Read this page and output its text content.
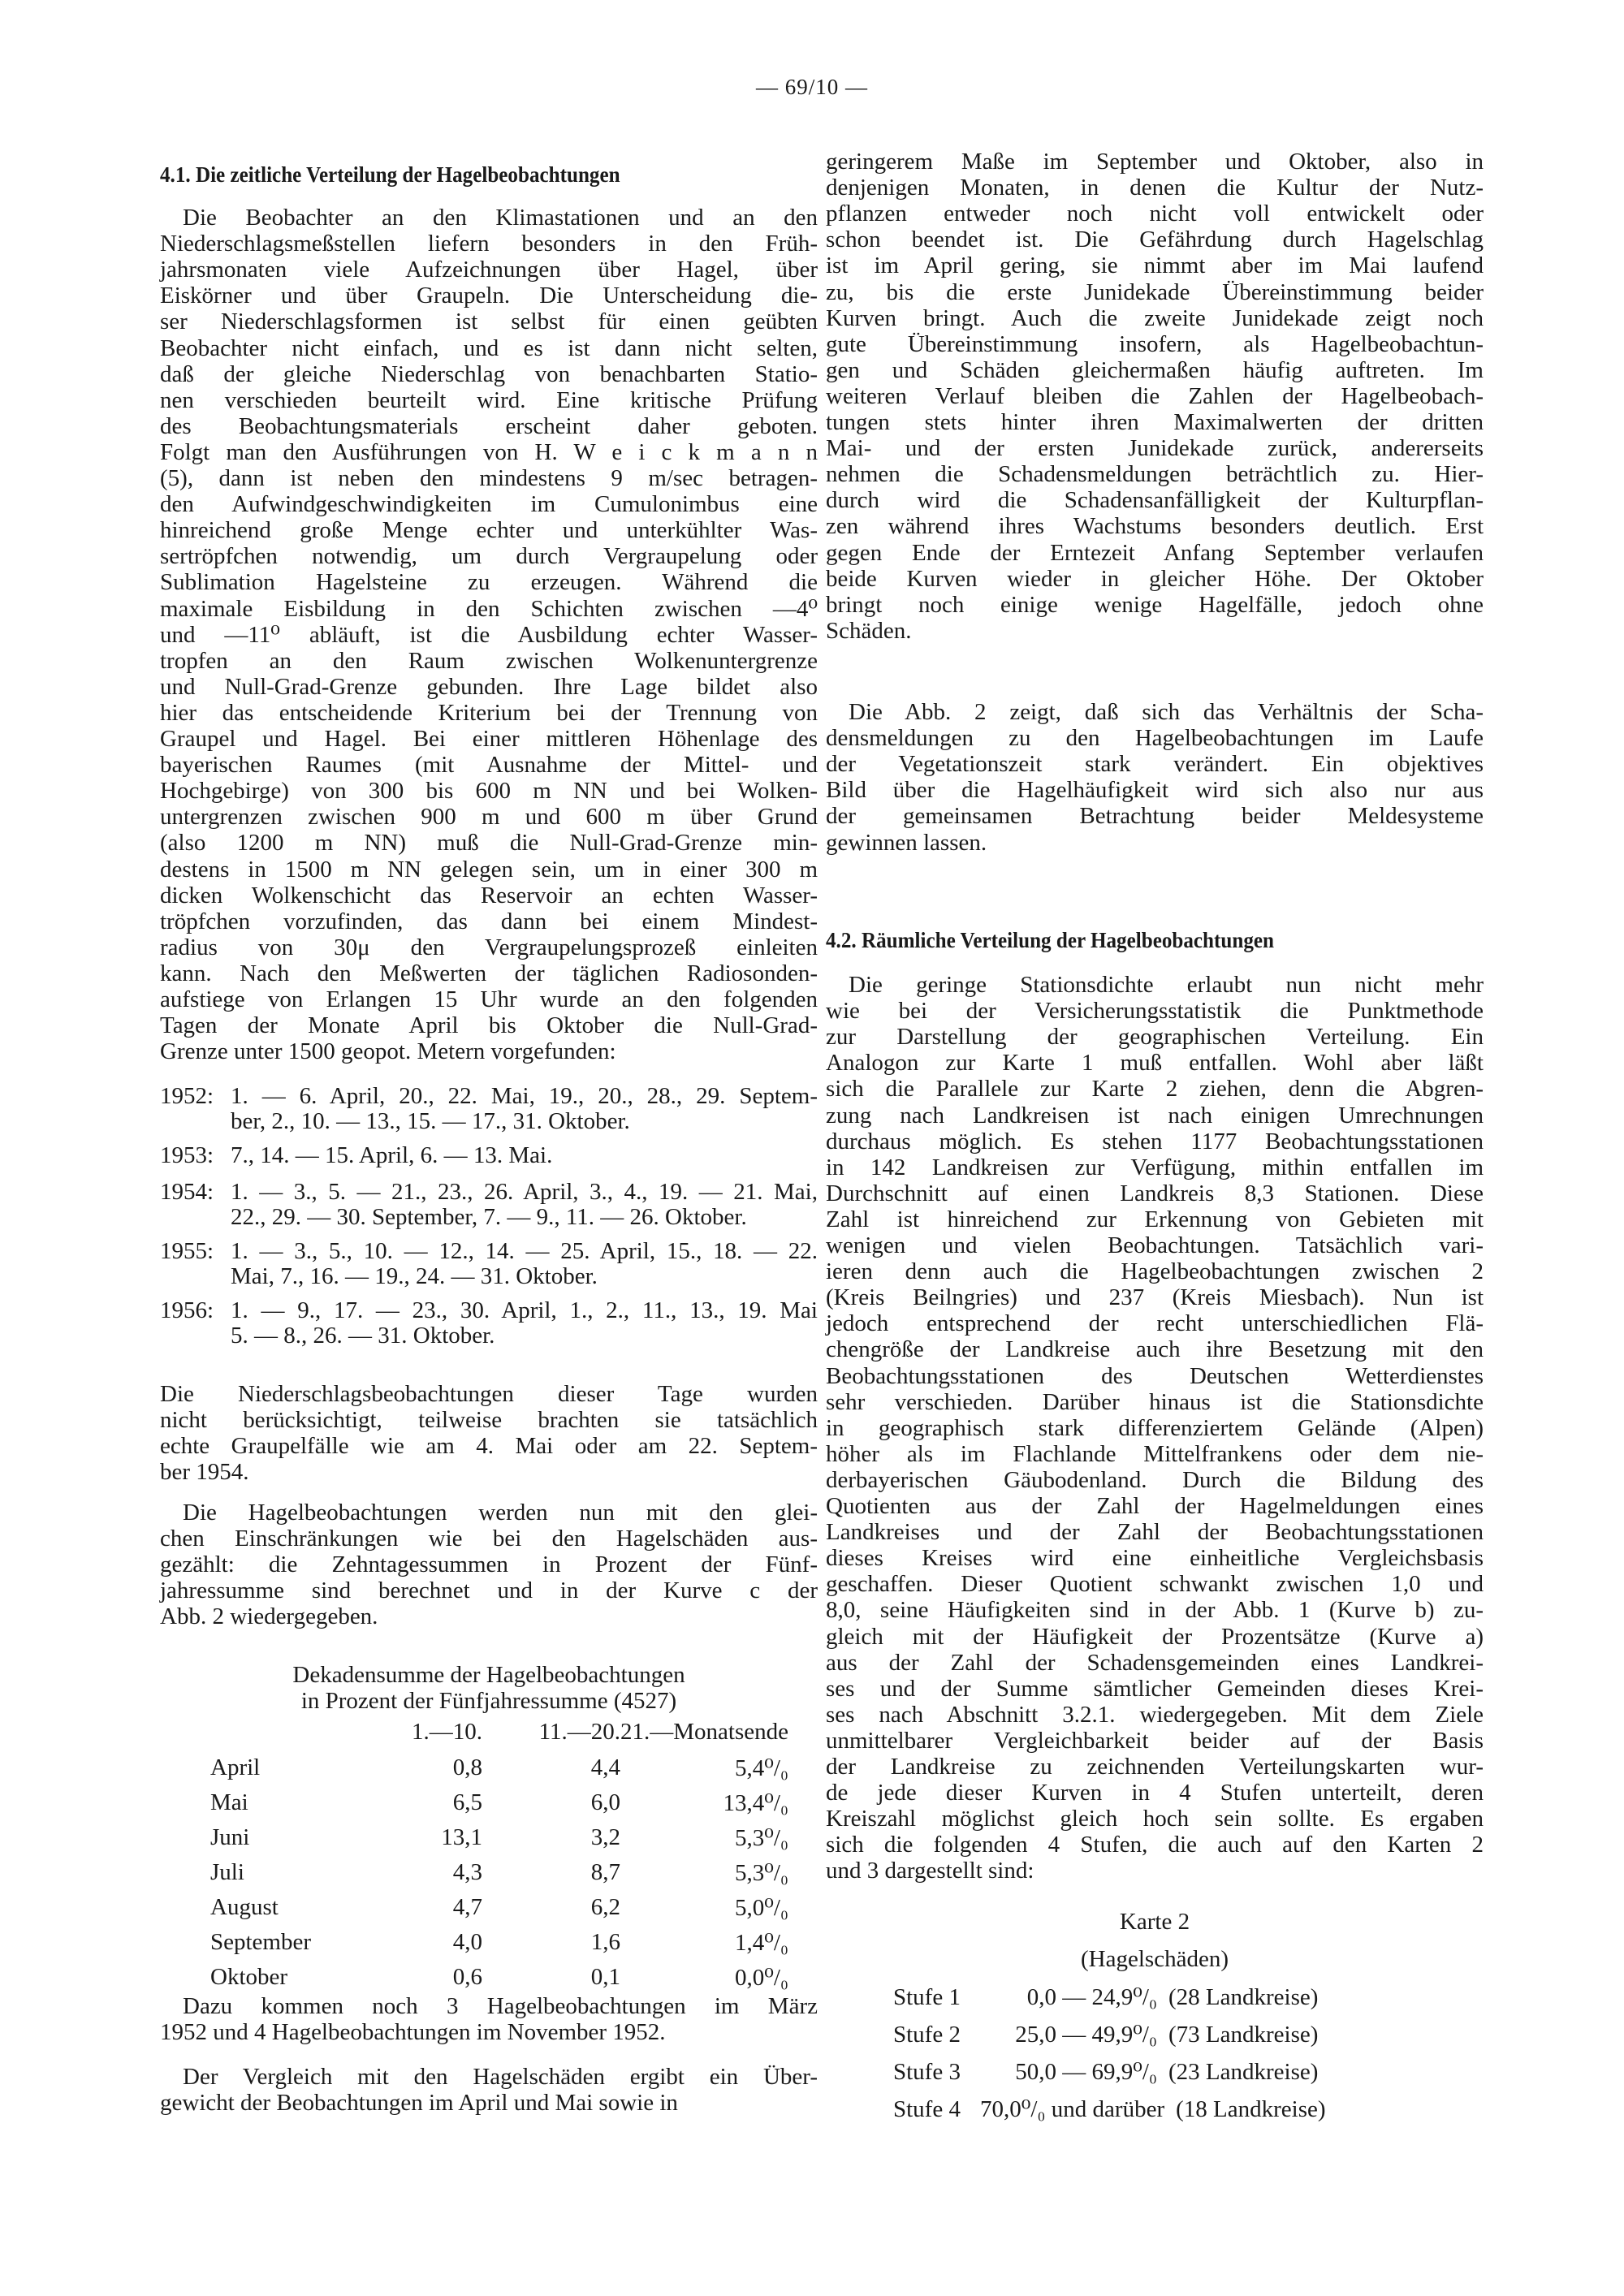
— 69/10 —
4.1. Die zeitliche Verteilung der Hagelbeobachtungen
Die Beobachter an den Klimastationen und an den
Niederschlagsmeßstellen liefern besonders in den Früh-
jahrsmonaten viele Aufzeichnungen über Hagel, über
Eiskörner und über Graupeln. Die Unterscheidung die-
ser Niederschlagsformen ist selbst für einen geübten
Beobachter nicht einfach, und es ist dann nicht selten,
daß der gleiche Niederschlag von benachbarten Statio-
nen verschieden beurteilt wird. Eine kritische Prüfung
des Beobachtungsmaterials erscheint daher geboten.
Folgt man den Ausführungen von H. W e i c k m a n n
(5), dann ist neben den mindestens 9 m/sec betragen-
den Aufwindgeschwindigkeiten im Cumulonimbus eine
hinreichend große Menge echter und unterkühlter Was-
sertröpfchen notwendig, um durch Vergraupelung oder
Sublimation Hagelsteine zu erzeugen. Während die
maximale Eisbildung in den Schichten zwischen —4⁰
und —11⁰ abläuft, ist die Ausbildung echter Wasser-
tropfen an den Raum zwischen Wolkenuntergrenze
und Null-Grad-Grenze gebunden. Ihre Lage bildet also
hier das entscheidende Kriterium bei der Trennung von
Graupel und Hagel. Bei einer mittleren Höhenlage des
bayerischen Raumes (mit Ausnahme der Mittel- und
Hochgebirge) von 300 bis 600 m NN und bei Wolken-
untergrenzen zwischen 900 m und 600 m über Grund
(also 1200 m NN) muß die Null-Grad-Grenze min-
destens in 1500 m NN gelegen sein, um in einer 300 m
dicken Wolkenschicht das Reservoir an echten Wasser-
tröpfchen vorzufinden, das dann bei einem Mindest-
radius von 30μ den Vergraupelungsprozeß einleiten
kann. Nach den Meßwerten der täglichen Radiosonden-
aufstiege von Erlangen 15 Uhr wurde an den folgenden
Tagen der Monate April bis Oktober die Null-Grad-
Grenze unter 1500 geopot. Metern vorgefunden:
1952: 1. — 6. April, 20., 22. Mai, 19., 20., 28., 29. Septem-
ber, 2., 10. — 13., 15. — 17., 31. Oktober.
1953: 7., 14. — 15. April, 6. — 13. Mai.
1954: 1. — 3., 5. — 21., 23., 26. April, 3., 4., 19. — 21. Mai,
22., 29. — 30. September, 7. — 9., 11. — 26. Oktober.
1955: 1. — 3., 5., 10. — 12., 14. — 25. April, 15., 18. — 22.
Mai, 7., 16. — 19., 24. — 31. Oktober.
1956: 1. — 9., 17. — 23., 30. April, 1., 2., 11., 13., 19. Mai
5. — 8., 26. — 31. Oktober.
Die Niederschlagsbeobachtungen dieser Tage wurden
nicht berücksichtigt, teilweise brachten sie tatsächlich
echte Graupelfälle wie am 4. Mai oder am 22. Septem-
ber 1954.
Die Hagelbeobachtungen werden nun mit den glei-
chen Einschränkungen wie bei den Hagelschäden aus-
gezählt: die Zehntagessummen in Prozent der Fünf-
jahressumme sind berechnet und in der Kurve c der
Abb. 2 wiedergegeben.
Dekadensumme der Hagelbeobachtungen
in Prozent der Fünfjahressumme (4527)
	1.—10.	11.—20.	21.—Monatsende
April	0,8	4,4	5,4⁰/₀
Mai	6,5	6,0	13,4⁰/₀
Juni	13,1	3,2	5,3⁰/₀
Juli	4,3	8,7	5,3⁰/₀
August	4,7	6,2	5,0⁰/₀
September	4,0	1,6	1,4⁰/₀
Oktober	0,6	0,1	0,0⁰/₀
Dazu kommen noch 3 Hagelbeobachtungen im März
1952 und 4 Hagelbeobachtungen im November 1952.
Der Vergleich mit den Hagelschäden ergibt ein Über-
gewicht der Beobachtungen im April und Mai sowie in
geringerem Maße im September und Oktober, also in
denjenigen Monaten, in denen die Kultur der Nutz-
pflanzen entweder noch nicht voll entwickelt oder
schon beendet ist. Die Gefährdung durch Hagelschlag
ist im April gering, sie nimmt aber im Mai laufend
zu, bis die erste Junidekade Übereinstimmung beider
Kurven bringt. Auch die zweite Junidekade zeigt noch
gute Übereinstimmung insofern, als Hagelbeobachtun-
gen und Schäden gleichermaßen häufig auftreten. Im
weiteren Verlauf bleiben die Zahlen der Hagelbeobach-
tungen stets hinter ihren Maximalwerten der dritten
Mai- und der ersten Junidekade zurück, andererseits
nehmen die Schadensmeldungen beträchtlich zu. Hier-
durch wird die Schadensanfälligkeit der Kulturpflan-
zen während ihres Wachstums besonders deutlich. Erst
gegen Ende der Erntezeit Anfang September verlaufen
beide Kurven wieder in gleicher Höhe. Der Oktober
bringt noch einige wenige Hagelfälle, jedoch ohne
Schäden.
Die Abb. 2 zeigt, daß sich das Verhältnis der Scha-
densmeldungen zu den Hagelbeobachtungen im Laufe
der Vegetationszeit stark verändert. Ein objektives
Bild über die Hagelhäufigkeit wird sich also nur aus
der gemeinsamen Betrachtung beider Meldesysteme
gewinnen lassen.
4.2. Räumliche Verteilung der Hagelbeobachtungen
Die geringe Stationsdichte erlaubt nun nicht mehr
wie bei der Versicherungsstatistik die Punktmethode
zur Darstellung der geographischen Verteilung. Ein
Analogon zur Karte 1 muß entfallen. Wohl aber läßt
sich die Parallele zur Karte 2 ziehen, denn die Abgren-
zung nach Landkreisen ist nach einigen Umrechnungen
durchaus möglich. Es stehen 1177 Beobachtungsstationen
in 142 Landkreisen zur Verfügung, mithin entfallen im
Durchschnitt auf einen Landkreis 8,3 Stationen. Diese
Zahl ist hinreichend zur Erkennung von Gebieten mit
wenigen und vielen Beobachtungen. Tatsächlich vari-
ieren denn auch die Hagelbeobachtungen zwischen 2
(Kreis Beilngries) und 237 (Kreis Miesbach). Nun ist
jedoch entsprechend der recht unterschiedlichen Flä-
chengröße der Landkreise auch ihre Besetzung mit den
Beobachtungsstationen des Deutschen Wetterdienstes
sehr verschieden. Darüber hinaus ist die Stationsdichte
in geographisch stark differenziertem Gelände (Alpen)
höher als im Flachlande Mittelfrankens oder dem nie-
derbayerischen Gäubodenland. Durch die Bildung des
Quotienten aus der Zahl der Hagelmeldungen eines
Landkreises und der Zahl der Beobachtungsstationen
dieses Kreises wird eine einheitliche Vergleichsbasis
geschaffen. Dieser Quotient schwankt zwischen 1,0 und
8,0, seine Häufigkeiten sind in der Abb. 1 (Kurve b) zu-
gleich mit der Häufigkeit der Prozentsätze (Kurve a)
aus der Zahl der Schadensgemeinden eines Landkrei-
ses und der Summe sämtlicher Gemeinden dieses Krei-
ses nach Abschnitt 3.2.1. wiedergegeben. Mit dem Ziele
unmittelbarer Vergleichbarkeit beider auf der Basis
der Landkreise zu zeichnenden Verteilungskarten wur-
de jede dieser Kurven in 4 Stufen unterteilt, deren
Kreiszahl möglichst gleich hoch sein sollte. Es ergaben
sich die folgenden 4 Stufen, die auch auf den Karten 2
und 3 dargestellt sind:
Karte 2
(Hagelschäden)
Stufe 1	0,0 — 24,9⁰/₀ (28 Landkreise)
Stufe 2 25,0 — 49,9⁰/₀ (73 Landkreise)
Stufe 3 50,0 — 69,9⁰/₀ (23 Landkreise)
Stufe 4 70,0⁰/₀ und darüber (18 Landkreise)
